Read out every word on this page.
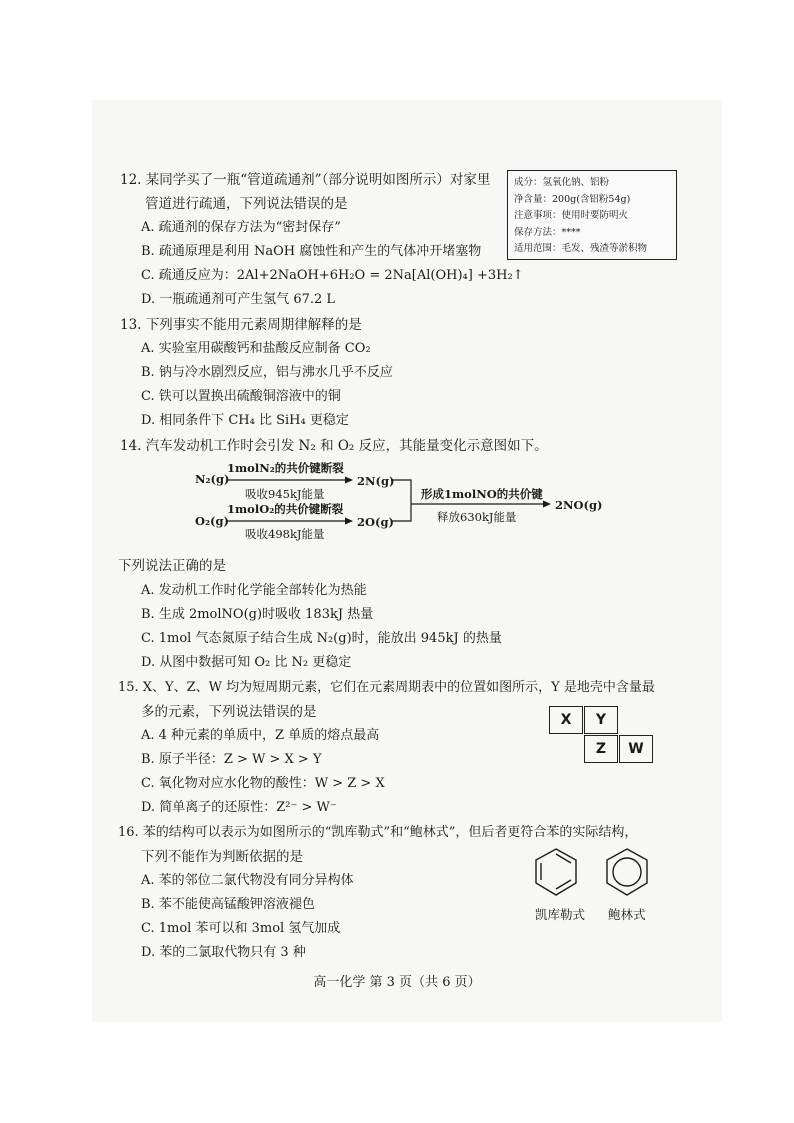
12. 某同学买了一瓶“管道疏通剂”（部分说明如图所示）对家里
管道进行疏通，下列说法错误的是
A. 疏通剂的保存方法为“密封保存”
B. 疏通原理是利用 NaOH 腐蚀性和产生的气体冲开堵塞物
C. 疏通反应为：2Al+2NaOH+6H₂O = 2Na[Al(OH)₄] +3H₂↑
D. 一瓶疏通剂可产生氢气 67.2 L
成分：氢氧化钠、铝粉
净含量：200g(含铝粉54g)
注意事项：使用时要防明火
保存方法：****
适用范围：毛发、残渣等淤积物
13. 下列事实不能用元素周期律解释的是
A. 实验室用碳酸钙和盐酸反应制备 CO₂
B. 钠与冷水剧烈反应，铝与沸水几乎不反应
C. 铁可以置换出硫酸铜溶液中的铜
D. 相同条件下 CH₄ 比 SiH₄ 更稳定
14. 汽车发动机工作时会引发 N₂ 和 O₂ 反应，其能量变化示意图如下。
N₂(g)
1molN₂的共价键断裂
吸收945kJ能量
2N(g)
O₂(g)
1molO₂的共价键断裂
吸收498kJ能量
2O(g)
形成1molNO的共价键
释放630kJ能量
2NO(g)
下列说法正确的是
A. 发动机工作时化学能全部转化为热能
B. 生成 2molNO(g)时吸收 183kJ 热量
C. 1mol 气态氮原子结合生成 N₂(g)时，能放出 945kJ 的热量
D. 从图中数据可知 O₂ 比 N₂ 更稳定
15. X、Y、Z、W 均为短周期元素，它们在元素周期表中的位置如图所示，Y 是地壳中含量最
多的元素，下列说法错误的是
A. 4 种元素的单质中，Z 单质的熔点最高
B. 原子半径：Z > W > X > Y
C. 氧化物对应水化物的酸性：W > Z > X
D. 简单离子的还原性：Z²⁻ > W⁻
X	Y
Z	W
16. 苯的结构可以表示为如图所示的“凯库勒式”和“鲍林式”，但后者更符合苯的实际结构，
下列不能作为判断依据的是
A. 苯的邻位二氯代物没有同分异构体
B. 苯不能使高锰酸钾溶液褪色
C. 1mol 苯可以和 3mol 氢气加成
D. 苯的二氯取代物只有 3 种
凯库勒式 鲍林式
高一化学 第 3 页（共 6 页）
